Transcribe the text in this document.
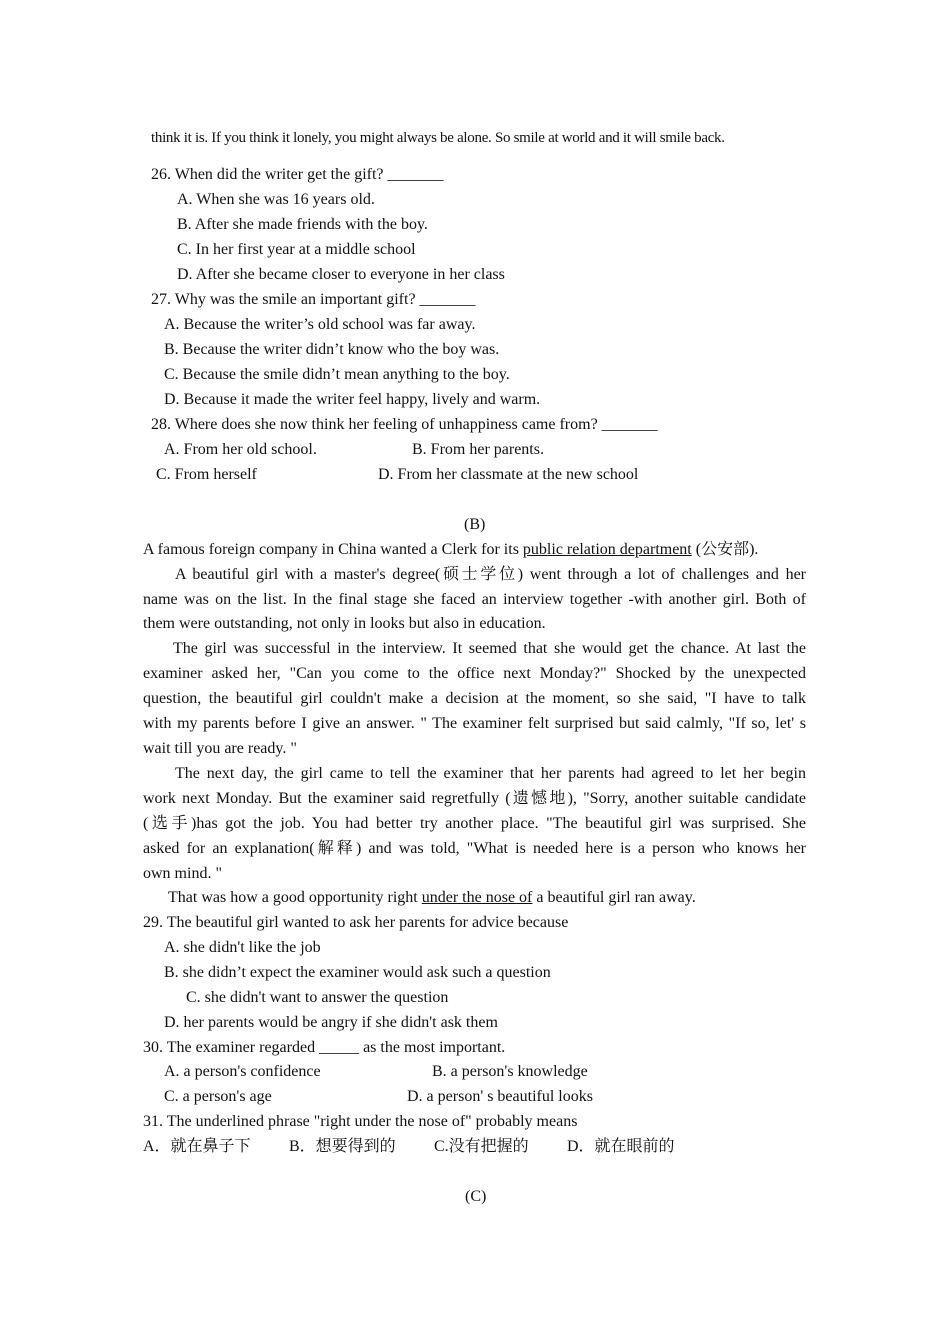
think it is. If you think it lonely, you might always be alone. So smile at world and it will smile back.
26. When did the writer get the gift? _______
A. When she was 16 years old.
B. After she made friends with the boy.
C. In her first year at a middle school
D. After she became closer to everyone in her class
27. Why was the smile an important gift? _______
A. Because the writer’s old school was far away.
B. Because the writer didn’t know who the boy was.
C. Because the smile didn’t mean anything to the boy.
D. Because it made the writer feel happy, lively and warm.
28. Where does she now think her feeling of unhappiness came from? _______
A. From her old school.	B. From her parents.
C. From herself	D. From her classmate at the new school
(B)
A famous foreign company in China wanted a Clerk for its public relation department (公安部).
A beautiful girl with a master's degree(硕士学位) went through a lot of challenges and her
name was on the list. In the final stage she faced an interview together -with another girl. Both of
them were outstanding, not only in looks but also in education.
The girl was successful in the interview. It seemed that she would get the chance. At last the
examiner asked her, "Can you come to the office next Monday?" Shocked by the unexpected
question, the beautiful girl couldn't make a decision at the moment, so she said, "I have to talk
with my parents before I give an answer. " The examiner felt surprised but said calmly, "If so, let' s
wait till you are ready. "
The next day, the girl came to tell the examiner that her parents had agreed to let her begin
work next Monday. But the examiner said regretfully (遗憾地), "Sorry, another suitable candidate
(选手)has got the job. You had better try another place. "The beautiful girl was surprised. She
asked for an explanation(解释) and was told, "What is needed here is a person who knows her
own mind. "
That was how a good opportunity right under the nose of a beautiful girl ran away.
29. The beautiful girl wanted to ask her parents for advice because
A. she didn't like the job
B. she didn’t expect the examiner would ask such a question
C. she didn't want to answer the question
D. her parents would be angry if she didn't ask them
30. The examiner regarded _____ as the most important.
A. a person's confidence	B. a person's knowledge
C. a person's age	D. a person' s beautiful looks
31. The underlined phrase "right under the nose of" probably means
A．就在鼻子下 B．想要得到的 C.没有把握的 D．就在眼前的
(C)
